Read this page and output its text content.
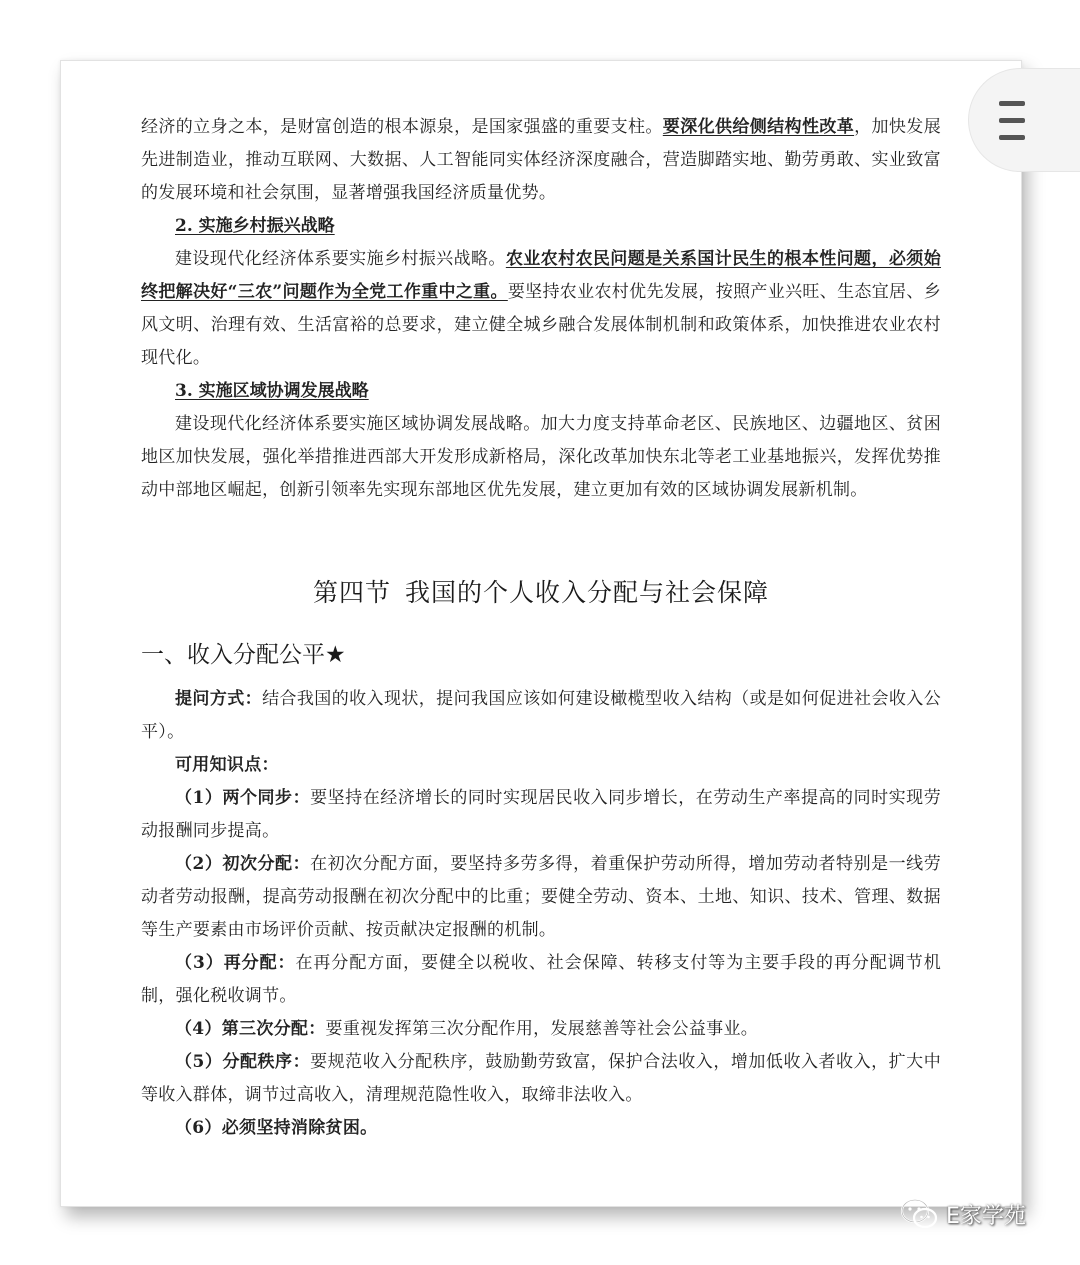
经济的立身之本，是财富创造的根本源泉，是国家强盛的重要支柱。要深化供给侧结构性改革，加快发展先进制造业，推动互联网、大数据、人工智能同实体经济深度融合，营造脚踏实地、勤劳勇敢、实业致富的发展环境和社会氛围，显著增强我国经济质量优势。

2. 实施乡村振兴战略

建设现代化经济体系要实施乡村振兴战略。农业农村农民问题是关系国计民生的根本性问题，必须始终把解决好“三农”问题作为全党工作重中之重。要坚持农业农村优先发展，按照产业兴旺、生态宜居、乡风文明、治理有效、生活富裕的总要求，建立健全城乡融合发展体制机制和政策体系，加快推进农业农村现代化。

3. 实施区域协调发展战略

建设现代化经济体系要实施区域协调发展战略。加大力度支持革命老区、民族地区、边疆地区、贫困地区加快发展，强化举措推进西部大开发形成新格局，深化改革加快东北等老工业基地振兴，发挥优势推动中部地区崛起，创新引领率先实现东部地区优先发展，建立更加有效的区域协调发展新机制。

第四节 我国的个人收入分配与社会保障
一、收入分配公平★

提问方式：结合我国的收入现状，提问我国应该如何建设橄榄型收入结构（或是如何促进社会收入公平）。

可用知识点：

（1）两个同步：要坚持在经济增长的同时实现居民收入同步增长，在劳动生产率提高的同时实现劳动报酬同步提高。

（2）初次分配：在初次分配方面，要坚持多劳多得，着重保护劳动所得，增加劳动者特别是一线劳动者劳动报酬，提高劳动报酬在初次分配中的比重；要健全劳动、资本、土地、知识、技术、管理、数据等生产要素由市场评价贡献、按贡献决定报酬的机制。

（3）再分配：在再分配方面，要健全以税收、社会保障、转移支付等为主要手段的再分配调节机制，强化税收调节。

（4）第三次分配：要重视发挥第三次分配作用，发展慈善等社会公益事业。

（5）分配秩序：要规范收入分配秩序，鼓励勤劳致富，保护合法收入，增加低收入者收入，扩大中等收入群体，调节过高收入，清理规范隐性收入，取缔非法收入。

（6）必须坚持消除贫困。

E家学苑
